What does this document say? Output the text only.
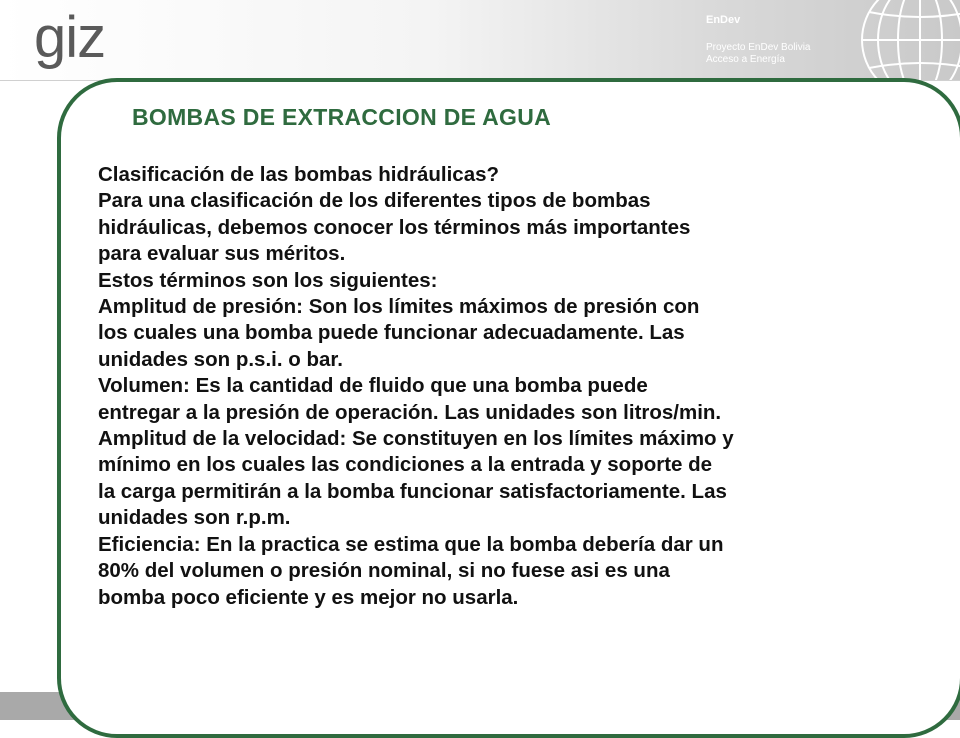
giz	EnDev
Proyecto EnDev Bolivia
Acceso a Energía
BOMBAS DE EXTRACCION DE AGUA

Clasificación de las bombas hidráulicas?

Para una clasificación de los diferentes tipos de bombas

hidráulicas, debemos conocer los términos más importantes

para evaluar sus méritos.

Estos términos son los siguientes:

Amplitud de presión: Son los límites máximos de presión con

los cuales una bomba puede funcionar adecuadamente. Las

unidades son p.s.i. o bar.

Volumen: Es la cantidad de fluido que una bomba puede

entregar a la presión de operación. Las unidades son litros/min.

Amplitud de la velocidad: Se constituyen en los límites máximo y

mínimo en los cuales las condiciones a la entrada y soporte de

la carga permitirán a la bomba funcionar satisfactoriamente. Las

unidades son r.p.m.

Eficiencia: En la practica se estima que la bomba debería dar un

80% del volumen o presión nominal, si no fuese asi es una

bomba poco eficiente y es mejor no usarla.
